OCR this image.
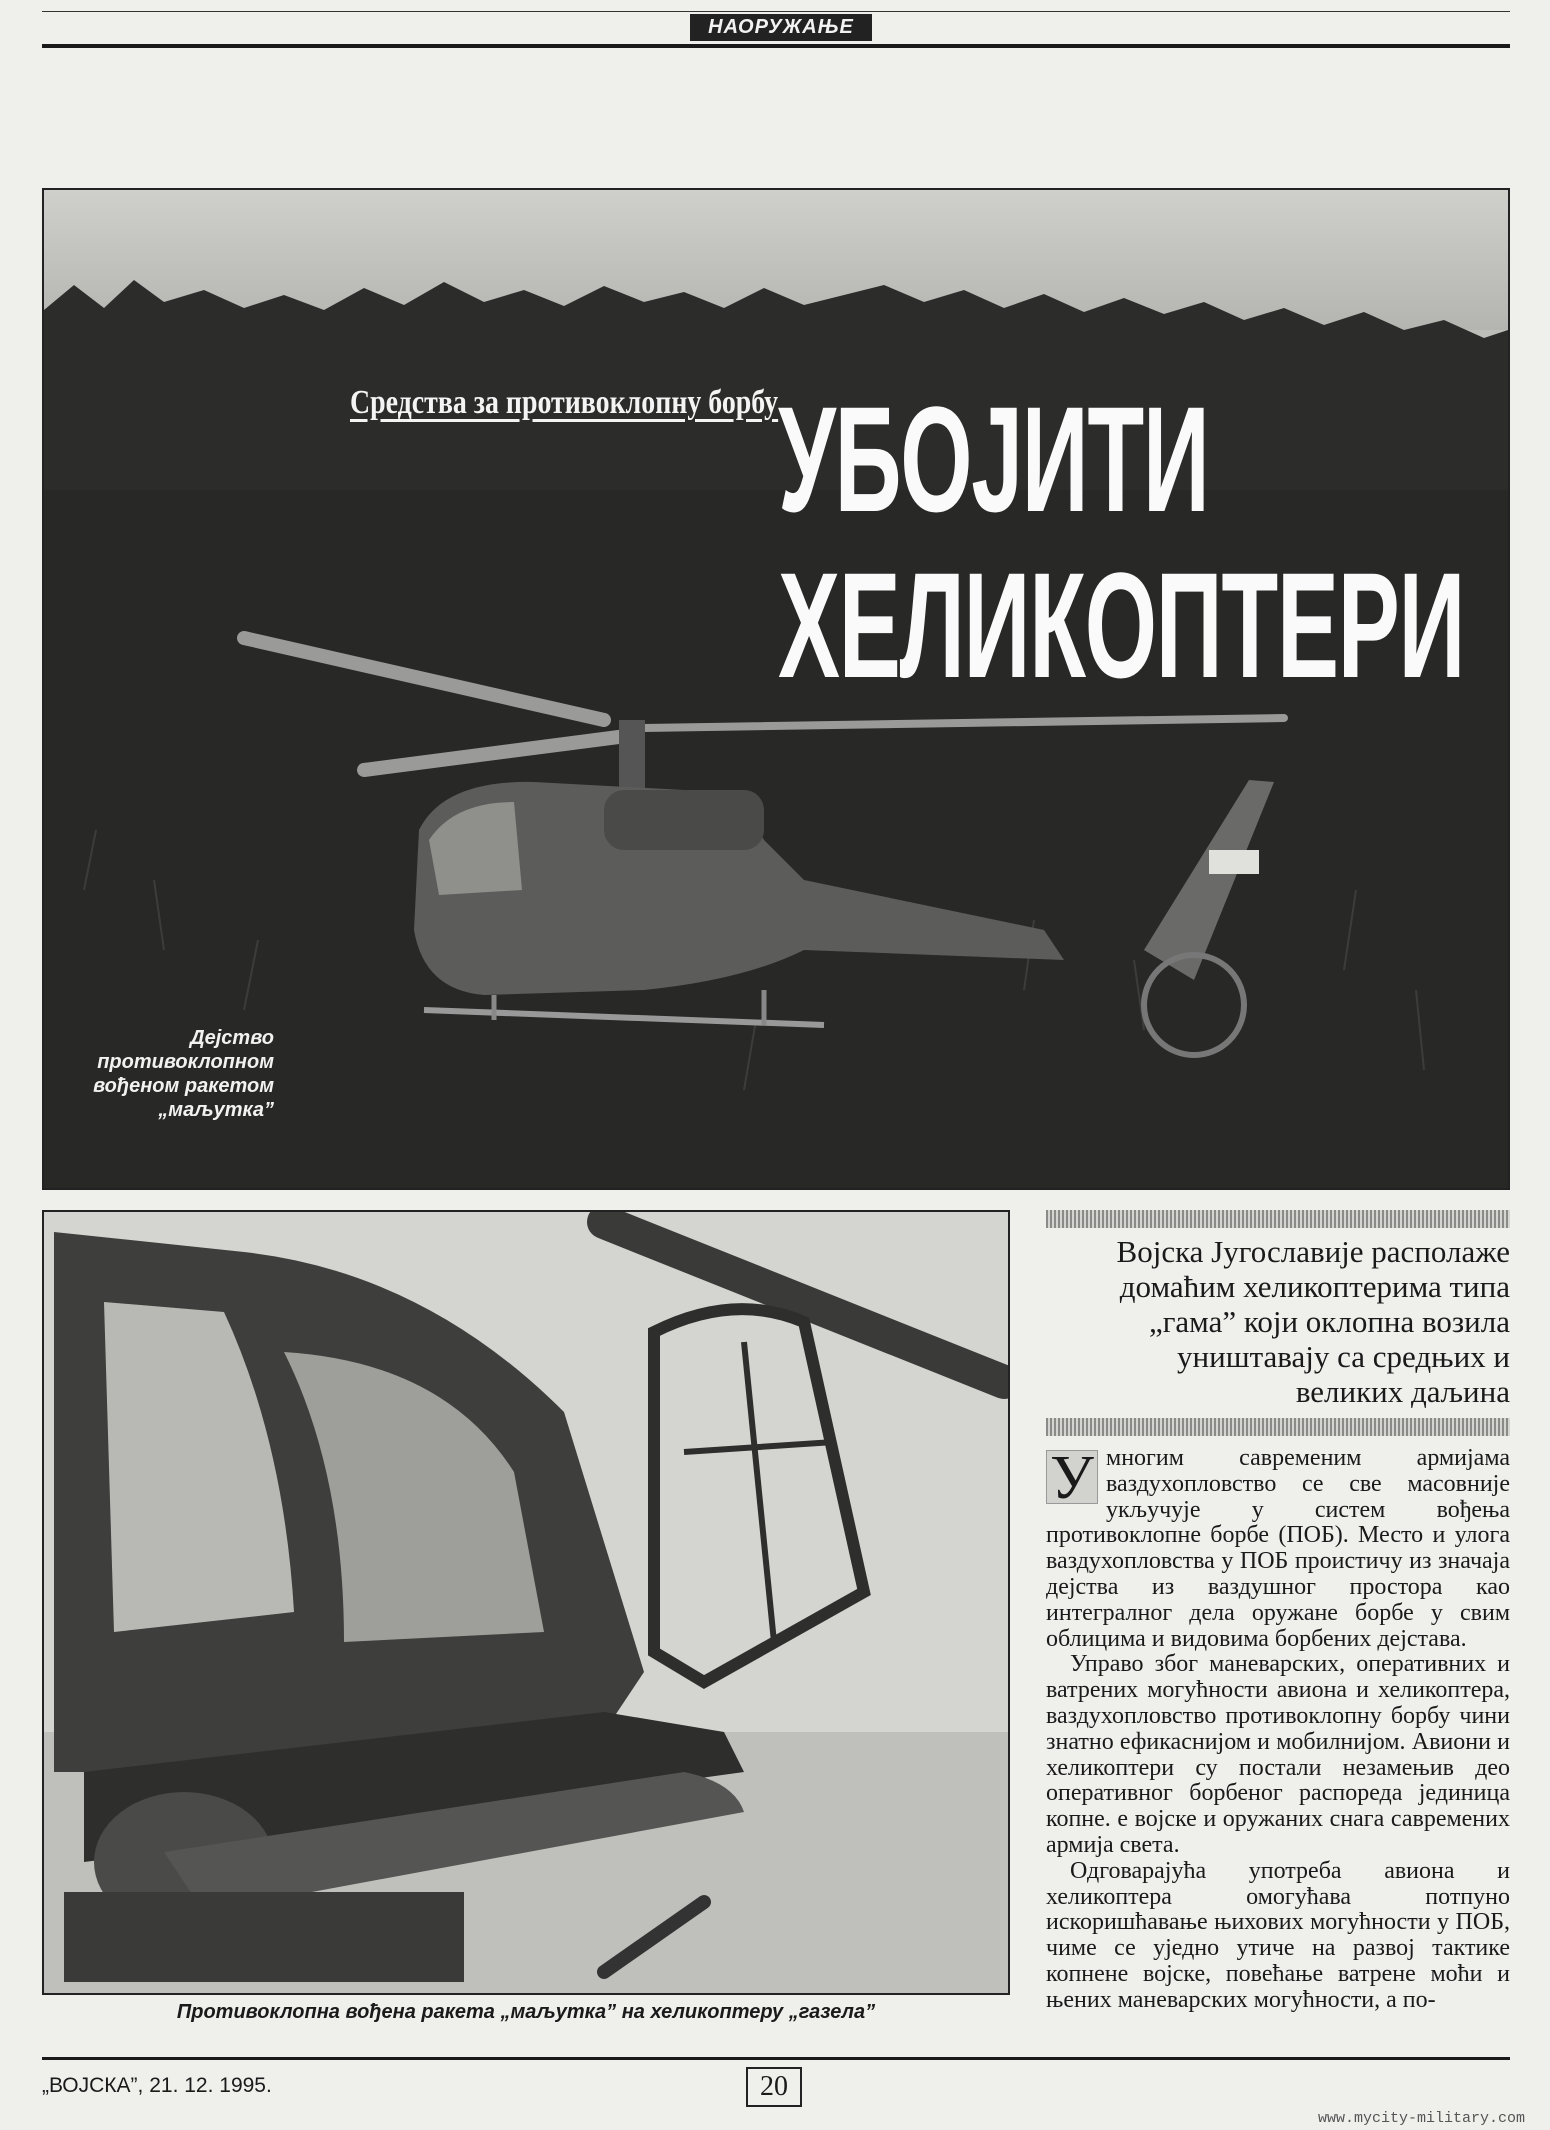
НАОРУЖАЊЕ
Средства за противоклопну борбу УБОЈИТИ
ХЕЛИКОПТЕРИ
Дејство
противоклопном
вођеном ракетом
„маљутка”
Противоклопна вођена ракета „маљутка” на хеликоптеру „газела”
Војска Југославије располаже
домаћим хеликоптерима типа
„гама” који оклопна возила
уништавају са средњих и
великих даљина

У многим савременим армијама ваздухопловство се све масовније укључује у систем вођења противоклопне борбе (ПОБ). Место и улога ваздухопловства у ПОБ проистичу из значаја дејства из ваздушног простора као интегралног дела оружане борбе у свим облицима и видовима борбених дејстава.

Управо због маневарских, оперативних и ватрених могућности авиона и хеликоптера, ваздухопловство противоклопну борбу чини знатно ефикаснијом и мобилнијом. Авиони и хеликоптери су постали незамењив део оперативног борбеног распореда јединица копне. е војске и оружаних снага савремених армија света.

Одговарајућа употреба авиона и хеликоптера омогућава потпуно искоришћавање њихових могућности у ПОБ, чиме се уједно утиче на развој тактике копнене војске, повећање ватрене моћи и њених маневарских могућности, а по-

„ВОЈСКА”, 21. 12. 1995.	20
www.mycity-military.com
